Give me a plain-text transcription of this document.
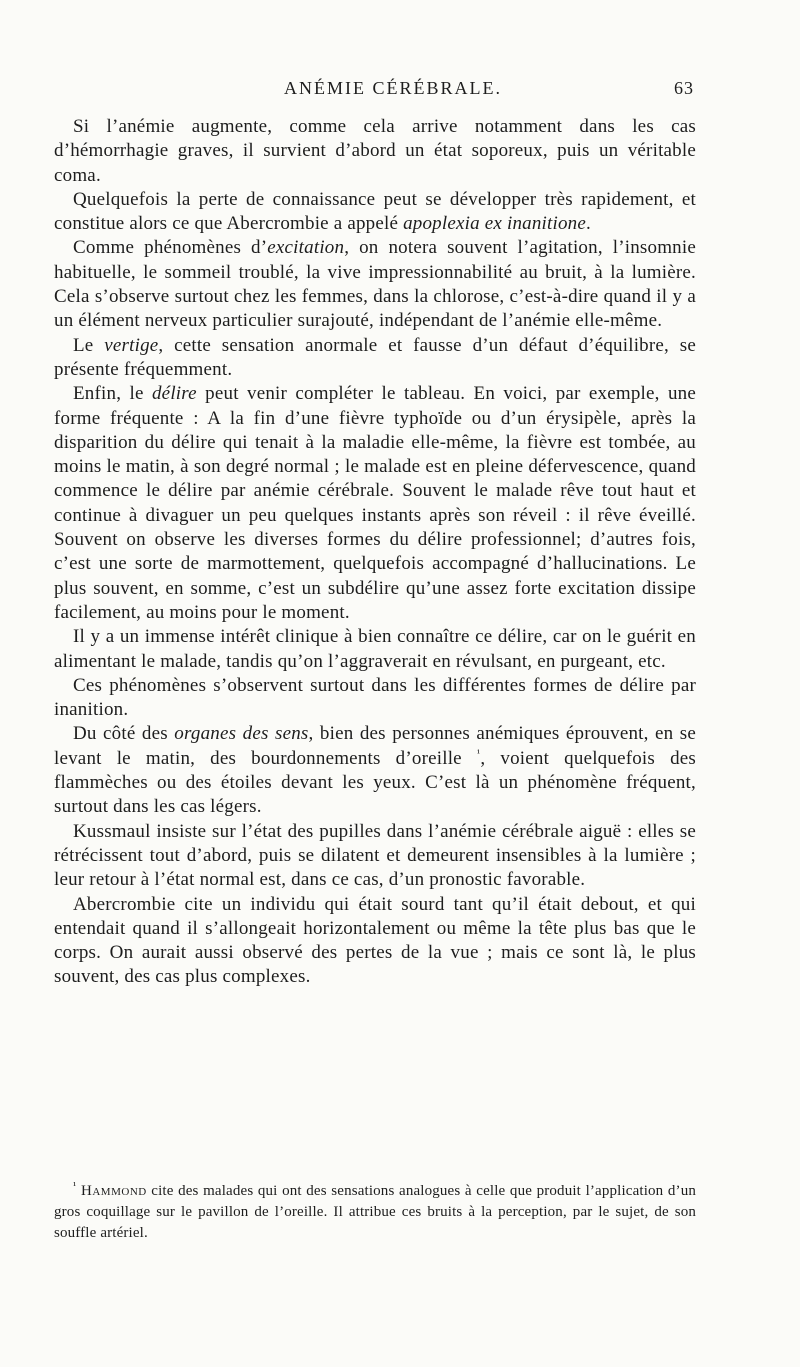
ANÉMIE CÉRÉBRALE.	63

Si l’anémie augmente, comme cela arrive notamment dans les cas d’hémorrhagie graves, il survient d’abord un état soporeux, puis un véritable coma.

Quelquefois la perte de connaissance peut se développer très rapidement, et constitue alors ce que Abercrombie a appelé apoplexia ex inanitione.

Comme phénomènes d’excitation, on notera souvent l’agitation, l’insomnie habituelle, le sommeil troublé, la vive impressionnabilité au bruit, à la lumière. Cela s’observe surtout chez les femmes, dans la chlorose, c’est-à-dire quand il y a un élément nerveux particulier surajouté, indépendant de l’anémie elle-même.

Le vertige, cette sensation anormale et fausse d’un défaut d’équilibre, se présente fréquemment.

Enfin, le délire peut venir compléter le tableau. En voici, par exemple, une forme fréquente : A la fin d’une fièvre typhoïde ou d’un érysipèle, après la disparition du délire qui tenait à la maladie elle-même, la fièvre est tombée, au moins le matin, à son degré normal ; le malade est en pleine défervescence, quand commence le délire par anémie cérébrale. Souvent le malade rêve tout haut et continue à divaguer un peu quelques instants après son réveil : il rêve éveillé. Souvent on observe les diverses formes du délire professionnel; d’autres fois, c’est une sorte de marmottement, quelquefois accompagné d’hallucinations. Le plus souvent, en somme, c’est un subdélire qu’une assez forte excitation dissipe facilement, au moins pour le moment.

Il y a un immense intérêt clinique à bien connaître ce délire, car on le guérit en alimentant le malade, tandis qu’on l’aggraverait en révulsant, en purgeant, etc.

Ces phénomènes s’observent surtout dans les différentes formes de délire par inanition.

Du côté des organes des sens, bien des personnes anémiques éprouvent, en se levant le matin, des bourdonnements d’oreille $^{^1}$, voient quelquefois des flammèches ou des étoiles devant les yeux. C’est là un phénomène fréquent, surtout dans les cas légers.

Kussmaul insiste sur l’état des pupilles dans l’anémie cérébrale aiguë : elles se rétrécissent tout d’abord, puis se dilatent et demeurent insensibles à la lumière ; leur retour à l’état normal est, dans ce cas, d’un pronostic favorable.

Abercrombie cite un individu qui était sourd tant qu’il était debout, et qui entendait quand il s’allongeait horizontalement ou même la tête plus bas que le corps. On aurait aussi observé des pertes de la vue ; mais ce sont là, le plus souvent, des cas plus complexes.

$^{^1}$ Hammond cite des malades qui ont des sensations analogues à celle que produit l’application d’un gros coquillage sur le pavillon de l’oreille. Il attribue ces bruits à la perception, par le sujet, de son souffle artériel.
